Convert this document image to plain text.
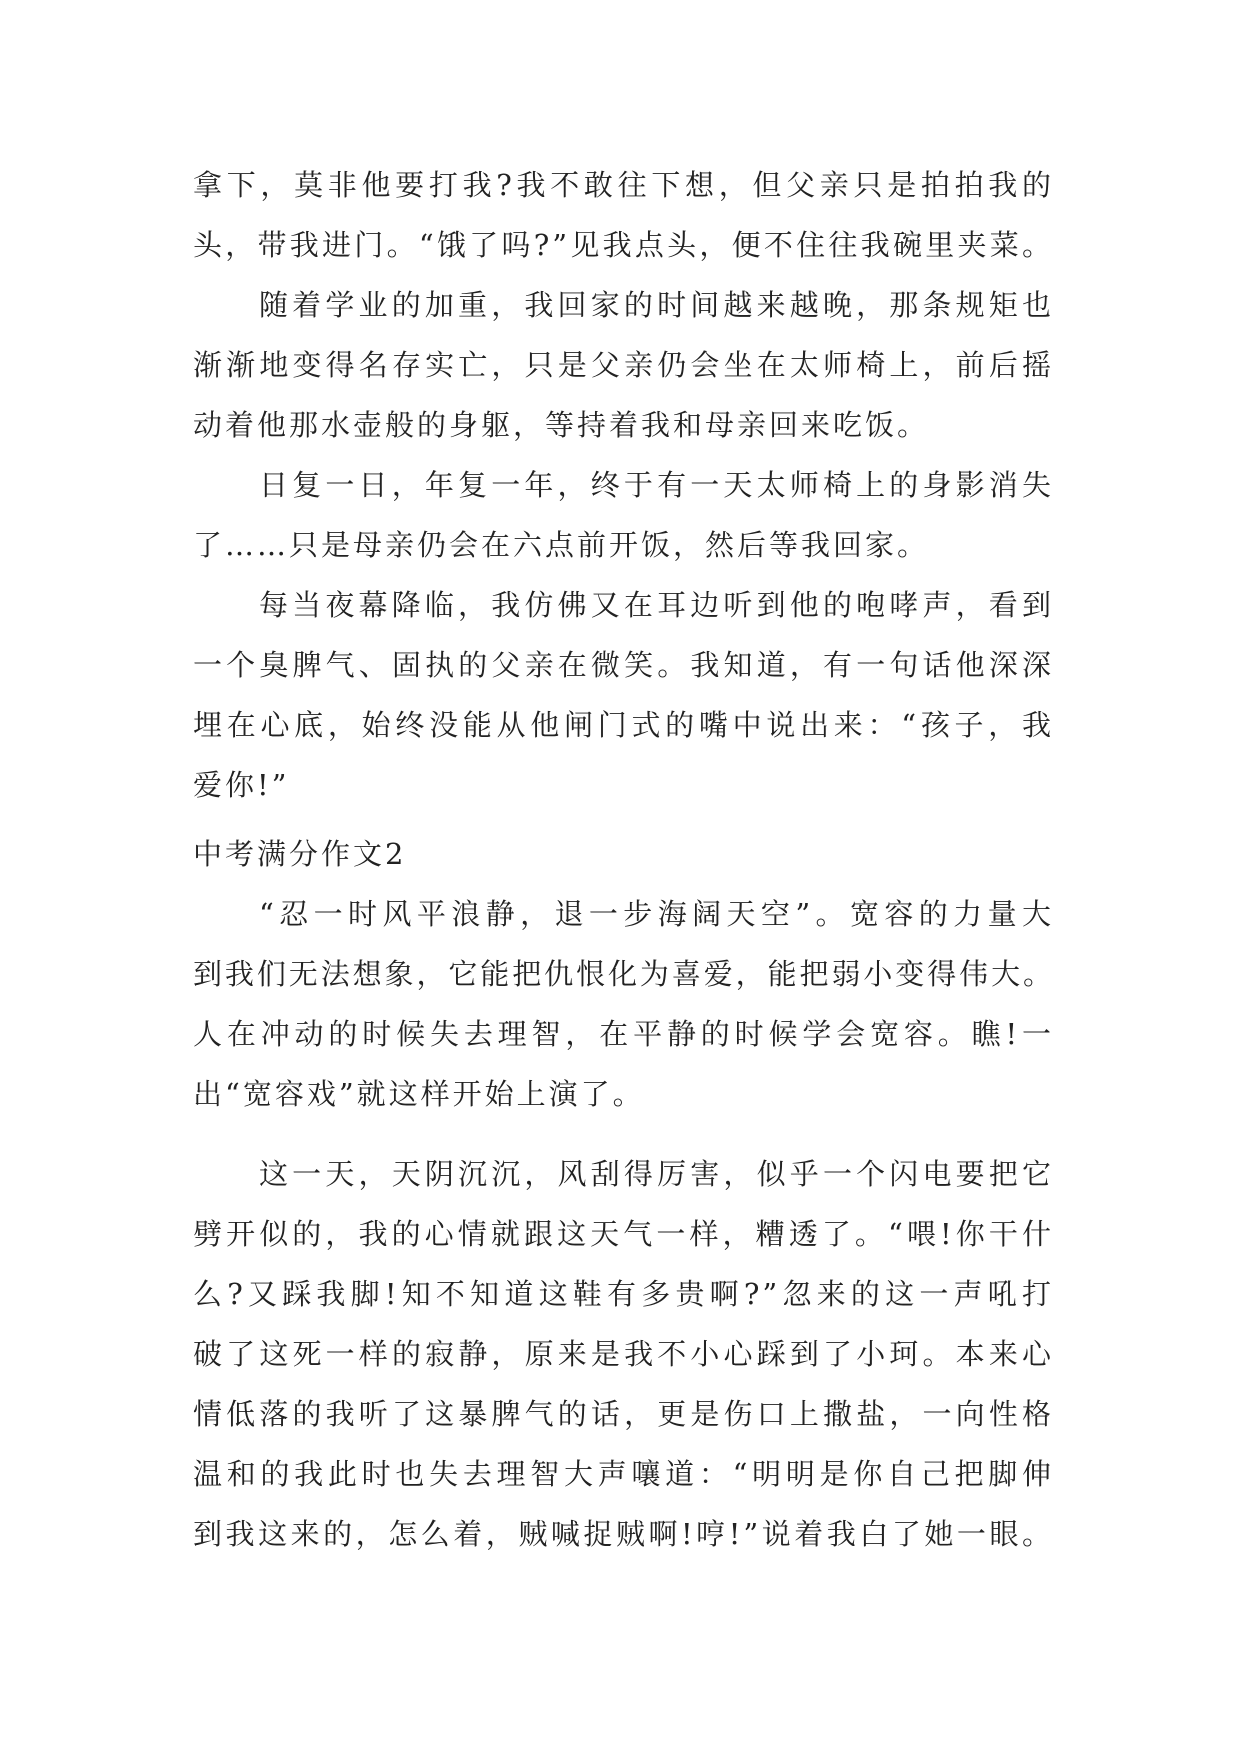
拿下，莫非他要打我?我不敢往下想，但父亲只是拍拍我的
头，带我进门。“饿了吗?”见我点头，便不住往我碗里夹菜。
随着学业的加重，我回家的时间越来越晚，那条规矩也
渐渐地变得名存实亡，只是父亲仍会坐在太师椅上，前后摇
动着他那水壶般的身躯，等持着我和母亲回来吃饭。
日复一日，年复一年，终于有一天太师椅上的身影消失
了……只是母亲仍会在六点前开饭，然后等我回家。
每当夜幕降临，我仿佛又在耳边听到他的咆哮声，看到
一个臭脾气、固执的父亲在微笑。我知道，有一句话他深深
埋在心底，始终没能从他闸门式的嘴中说出来：“孩子，我
爱你!”
中考满分作文2
“忍一时风平浪静，退一步海阔天空”。宽容的力量大
到我们无法想象，它能把仇恨化为喜爱，能把弱小变得伟大。
人在冲动的时候失去理智，在平静的时候学会宽容。瞧!一
出“宽容戏”就这样开始上演了。
这一天，天阴沉沉，风刮得厉害，似乎一个闪电要把它
劈开似的，我的心情就跟这天气一样，糟透了。“喂!你干什
么?又踩我脚!知不知道这鞋有多贵啊?”忽来的这一声吼打
破了这死一样的寂静，原来是我不小心踩到了小珂。本来心
情低落的我听了这暴脾气的话，更是伤口上撒盐，一向性格
温和的我此时也失去理智大声嚷道：“明明是你自己把脚伸
到我这来的，怎么着，贼喊捉贼啊!哼!”说着我白了她一眼。
